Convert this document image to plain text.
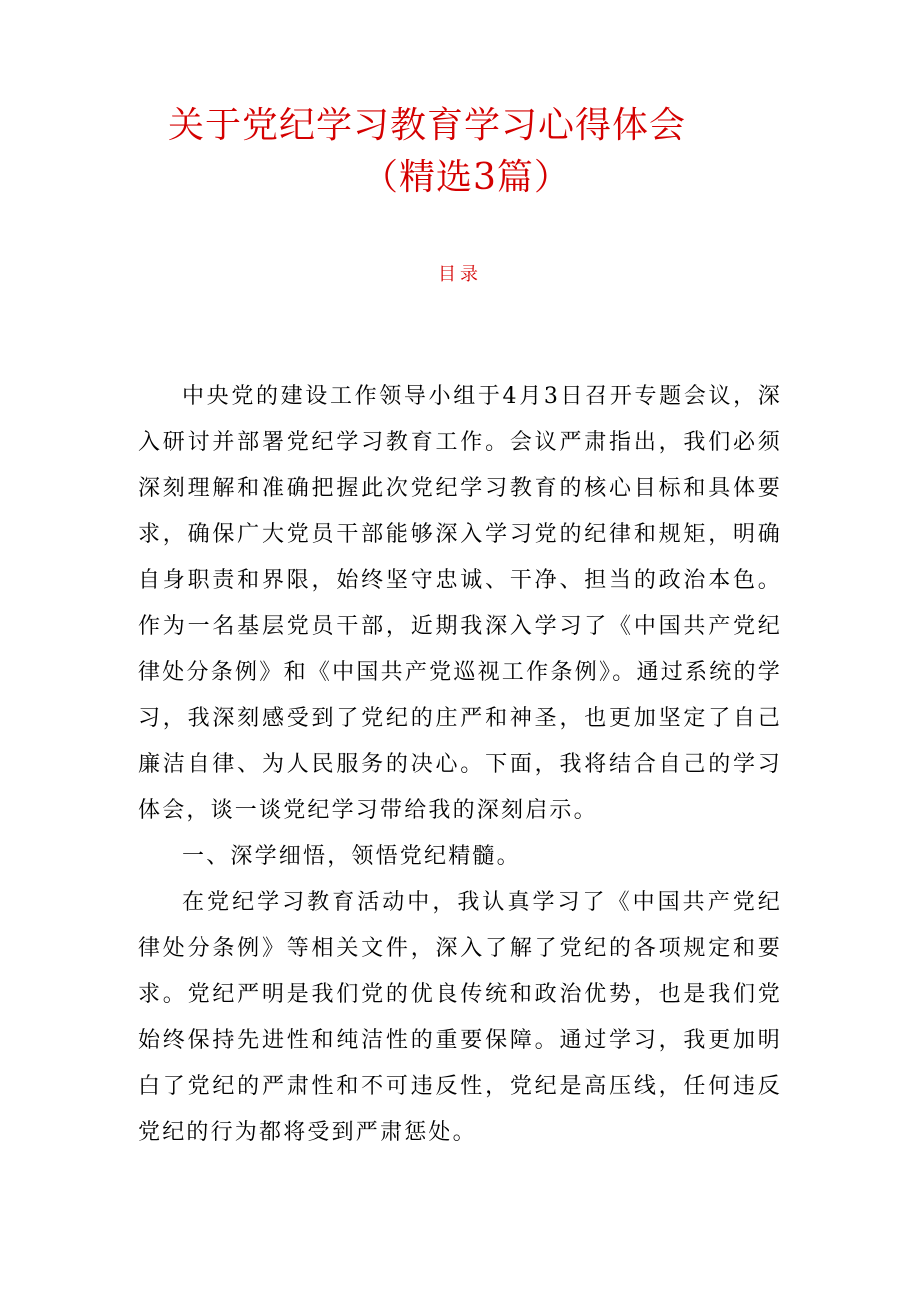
关于党纪学习教育学习心得体会
（精选3篇）
目录

中央党的建设工作领导小组于4月3日召开专题会议，深入研讨并部署党纪学习教育工作。会议严肃指出，我们必须深刻理解和准确把握此次党纪学习教育的核心目标和具体要求，确保广大党员干部能够深入学习党的纪律和规矩，明确自身职责和界限，始终坚守忠诚、干净、担当的政治本色。作为一名基层党员干部，近期我深入学习了《中国共产党纪律处分条例》和《中国共产党巡视工作条例》。通过系统的学习，我深刻感受到了党纪的庄严和神圣，也更加坚定了自己廉洁自律、为人民服务的决心。下面，我将结合自己的学习体会，谈一谈党纪学习带给我的深刻启示。

一、深学细悟，领悟党纪精髓。

在党纪学习教育活动中，我认真学习了《中国共产党纪律处分条例》等相关文件，深入了解了党纪的各项规定和要求。党纪严明是我们党的优良传统和政治优势，也是我们党始终保持先进性和纯洁性的重要保障。通过学习，我更加明白了党纪的严肃性和不可违反性，党纪是高压线，任何违反党纪的行为都将受到严肃惩处。
